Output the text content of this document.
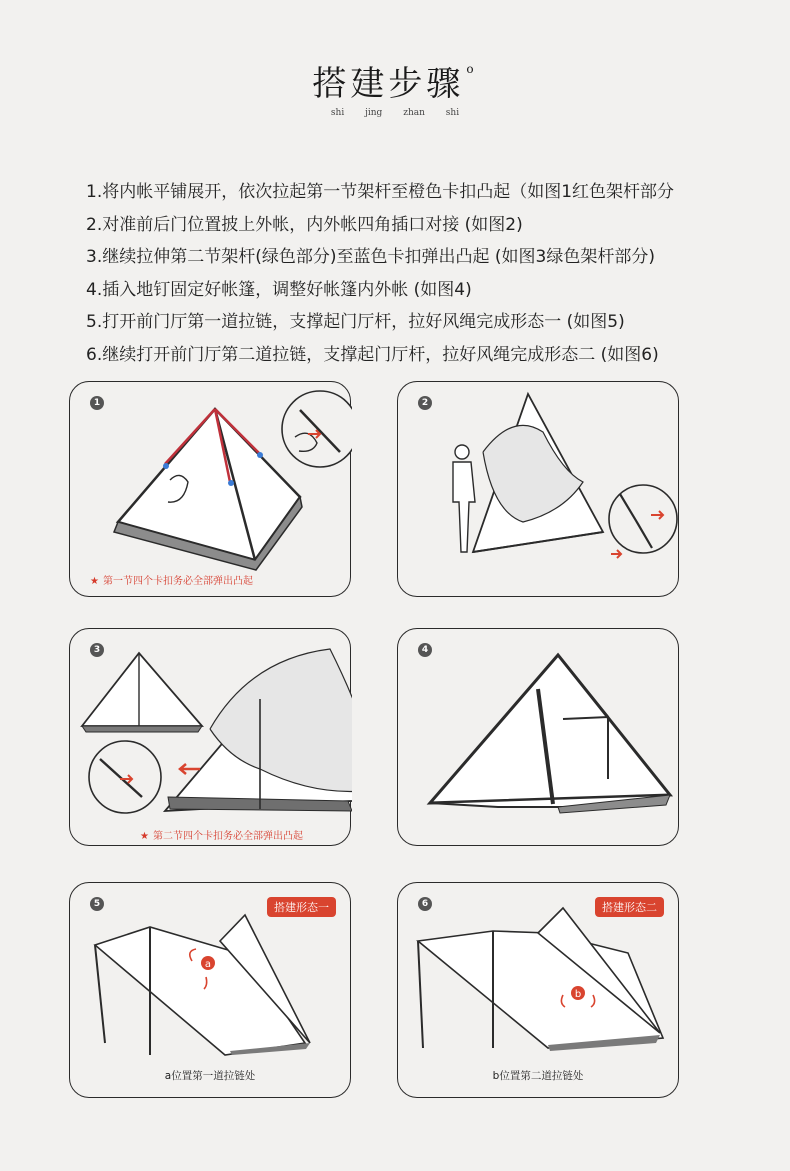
搭建步骤 $^o$
shi jing zhan shi
1.将内帐平铺展开，依次拉起第一节架杆至橙色卡扣凸起（如图1红色架杆部分
2.对准前后门位置披上外帐，内外帐四角插口对接 (如图2)
3.继续拉伸第二节架杆(绿色部分)至蓝色卡扣弹出凸起 (如图3绿色架杆部分)
4.插入地钉固定好帐篷，调整好帐篷内外帐 (如图4)
5.打开前门厅第一道拉链，支撑起门厅杆，拉好风绳完成形态一 (如图5)
6.继续打开前门厅第二道拉链，支撑起门厅杆，拉好风绳完成形态二 (如图6)
1
★ 第一节四个卡扣务必全部弹出凸起
2
3
★ 第二节四个卡扣务必全部弹出凸起
4
5	搭建形态一
a
a位置第一道拉链处
6	搭建形态二
b
b位置第二道拉链处
